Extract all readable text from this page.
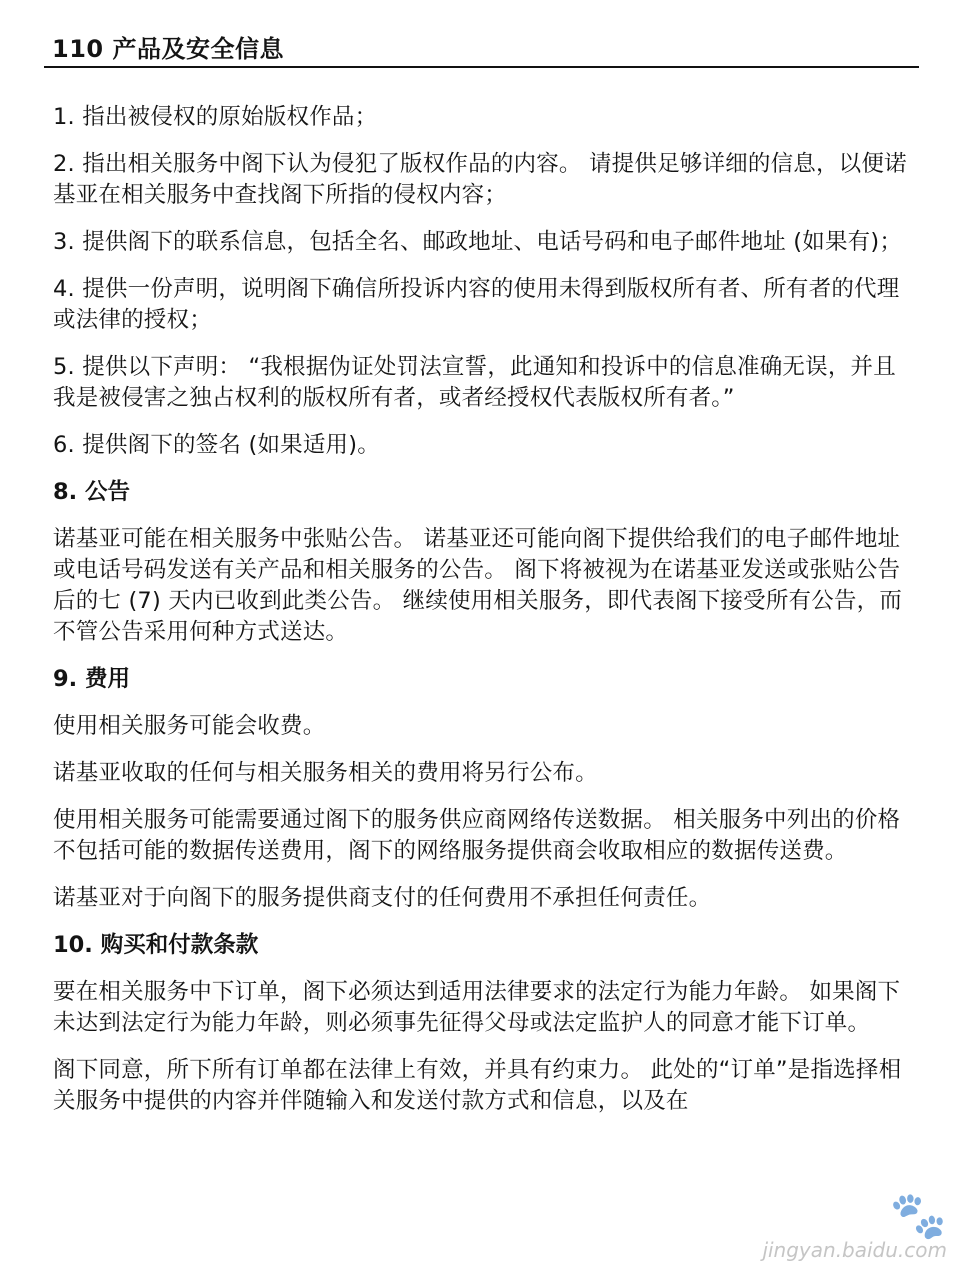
110 产品及安全信息

1. 指出被侵权的原始版权作品；

2. 指出相关服务中阁下认为侵犯了版权作品的内容。 请提供足够详细的信息，以便诺基亚在相关服务中查找阁下所指的侵权内容；

3. 提供阁下的联系信息，包括全名、邮政地址、电话号码和电子邮件地址 (如果有)；

4. 提供一份声明，说明阁下确信所投诉内容的使用未得到版权所有者、所有者的代理或法律的授权；

5. 提供以下声明： “我根据伪证处罚法宣誓，此通知和投诉中的信息准确无误，并且我是被侵害之独占权利的版权所有者，或者经授权代表版权所有者。”

6. 提供阁下的签名 (如果适用)。

8. 公告

诺基亚可能在相关服务中张贴公告。 诺基亚还可能向阁下提供给我们的电子邮件地址或电话号码发送有关产品和相关服务的公告。 阁下将被视为在诺基亚发送或张贴公告后的七 (7) 天内已收到此类公告。 继续使用相关服务，即代表阁下接受所有公告，而不管公告采用何种方式送达。

9. 费用

使用相关服务可能会收费。

诺基亚收取的任何与相关服务相关的费用将另行公布。

使用相关服务可能需要通过阁下的服务供应商网络传送数据。 相关服务中列出的价格不包括可能的数据传送费用，阁下的网络服务提供商会收取相应的数据传送费。

诺基亚对于向阁下的服务提供商支付的任何费用不承担任何责任。

10. 购买和付款条款

要在相关服务中下订单，阁下必须达到适用法律要求的法定行为能力年龄。 如果阁下未达到法定行为能力年龄，则必须事先征得父母或法定监护人的同意才能下订单。

阁下同意，所下所有订单都在法律上有效，并具有约束力。 此处的“订单”是指选择相关服务中提供的内容并伴随输入和发送付款方式和信息，以及在

🐾
jingyan.baidu.com
